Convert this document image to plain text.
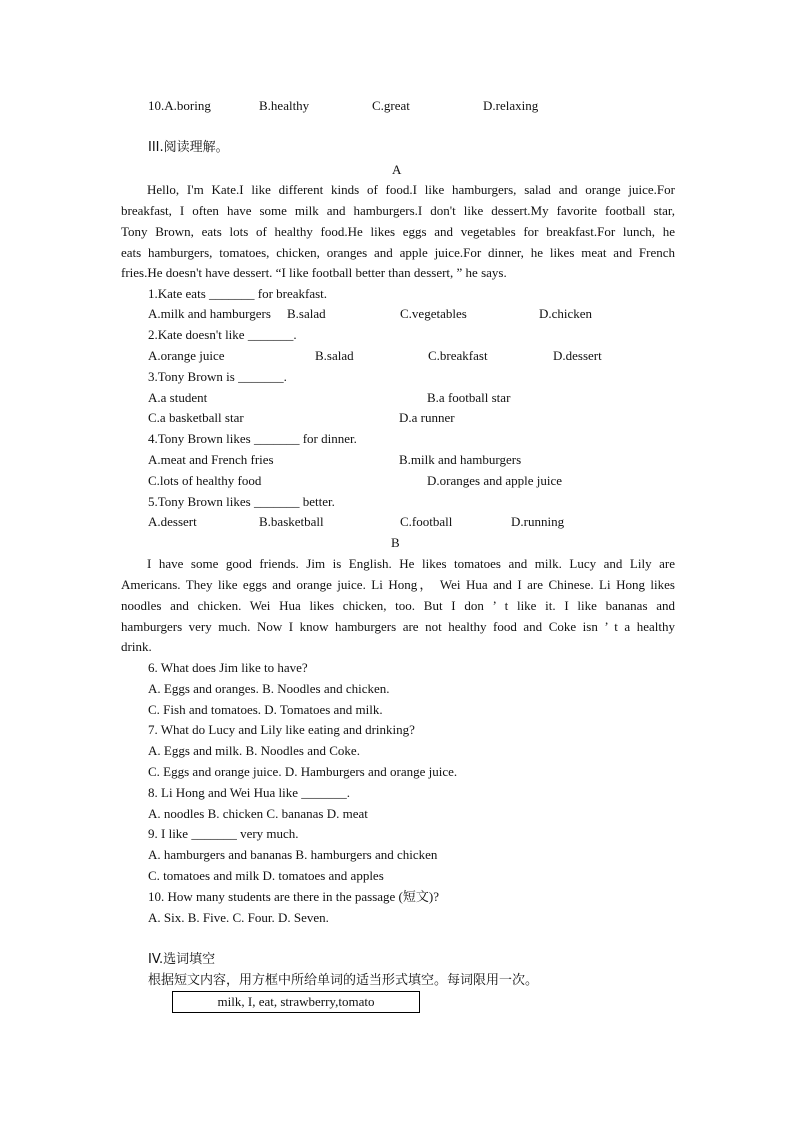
10.A.boring	B.healthy	C.great	D.relaxing
III.阅读理解。
A
Hello, I'm Kate.I like different kinds of food.I like hamburgers, salad and orange juice.For
breakfast, I often have some milk and hamburgers.I don't like dessert.My favorite football star,
Tony Brown, eats lots of healthy food.He likes eggs and vegetables for breakfast.For lunch, he
eats hamburgers, tomatoes, chicken, oranges and apple juice.For dinner, he likes meat and French
fries.He doesn't have dessert. “I like football better than dessert, ” he says.
1.Kate eats _______ for breakfast.
A.milk and hamburgers B.salad	C.vegetables	D.chicken
2.Kate doesn't like _______.
A.orange juice	B.salad	C.breakfast	D.dessert
3.Tony Brown is _______.
A.a student	B.a football star
C.a basketball star	D.a runner
4.Tony Brown likes _______ for dinner.
A.meat and French fries	B.milk and hamburgers
C.lots of healthy food	D.oranges and apple juice
5.Tony Brown likes _______ better.
A.dessert	B.basketball	C.football	D.running
B
I have some good friends. Jim is English. He likes tomatoes and milk. Lucy and Lily are
Americans. They like eggs and orange juice. Li Hong， Wei Hua and I are Chinese. Li Hong likes
noodles and chicken. Wei Hua likes chicken, too. But I don ’ t like it. I like bananas and
hamburgers very much. Now I know hamburgers are not healthy food and Coke isn ’ t a healthy
drink.
6. What does Jim like to have?
A. Eggs and oranges. B. Noodles and chicken.
C. Fish and tomatoes. D. Tomatoes and milk.
7. What do Lucy and Lily like eating and drinking?
A. Eggs and milk. B. Noodles and Coke.
C. Eggs and orange juice. D. Hamburgers and orange juice.
8. Li Hong and Wei Hua like _______.
A. noodles B. chicken C. bananas D. meat
9. I like _______ very much.
A. hamburgers and bananas B. hamburgers and chicken
C. tomatoes and milk D. tomatoes and apples
10. How many students are there in the passage (短文)?
A. Six. B. Five. C. Four. D. Seven.
IV.选词填空
根据短文内容，用方框中所给单词的适当形式填空。每词限用一次。
milk, I, eat, strawberry,tomato
